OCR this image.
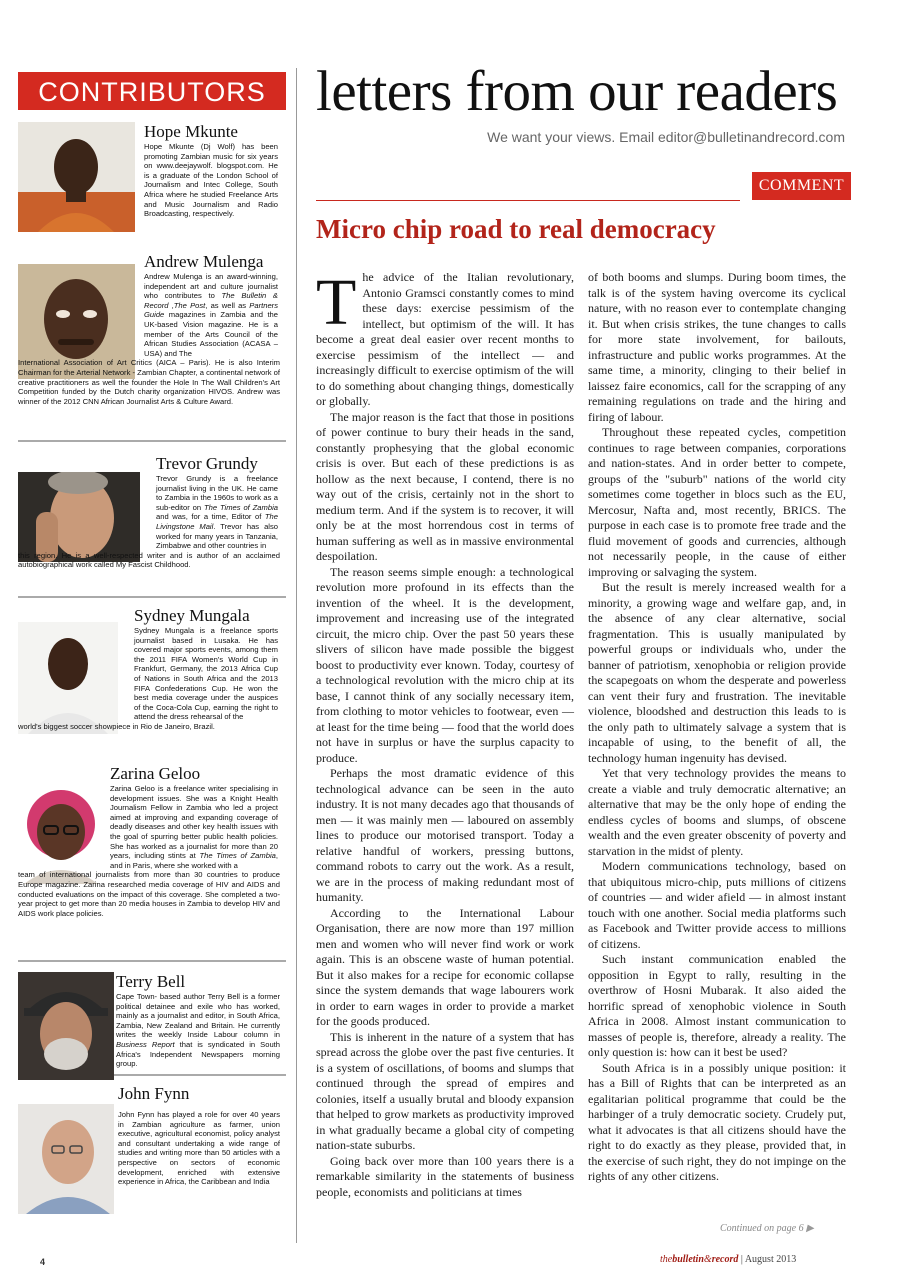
CONTRIBUTORS
Hope Mkunte
Hope Mkunte (Dj Wolf) has been promoting Zambian music for six years on www.deejaywolf. blogspot.com. He is a graduate of the London School of Journalism and Intec College, South Africa where he studied Freelance Arts and Music Journalism and Radio Broadcasting, respectively.
Andrew Mulenga
Andrew Mulenga is an award-winning, independent art and culture journalist who contributes to The Bulletin & Record ,The Post, as well as Partners Guide magazines in Zambia and the UK-based Vision magazine. He is a member of the Arts Council of the African Studies Association (ACASA – USA) and The
International Association of Art Critics (AICA – Paris). He is also Interim Chairman for the Arterial Network - Zambian Chapter, a continental network of creative practitioners as well the founder the Hole In The Wall Children's Art Competition funded by the Dutch charity organization HIVOS. Andrew was winner of the 2012 CNN African Journalist Arts & Culture Award.
Trevor Grundy
Trevor Grundy is a freelance journalist living in the UK. He came to Zambia in the 1960s to work as a sub-editor on The Times of Zambia and was, for a time, Editor of The Livingstone Mail. Trevor has also worked for many years in Tanzania, Zimbabwe and other countries in
this region. He is a well-respected writer and is author of an acclaimed autobiographical work called My Fascist Childhood.
Sydney Mungala
Sydney Mungala is a freelance sports journalist based in Lusaka. He has covered major sports events, among them the 2011 FIFA Women's World Cup in Frankfurt, Germany, the 2013 Africa Cup of Nations in South Africa and the 2013 FIFA Confederations Cup. He won the best media coverage under the auspices of the Coca-Cola Cup, earning the right to attend the dress rehearsal of the
world's biggest soccer showpiece in Rio de Janeiro, Brazil.
Zarina Geloo
Zarina Geloo is a freelance writer specialising in development issues. She was a Knight Health Journalism Fellow in Zambia who led a project aimed at improving and expanding coverage of deadly diseases and other key health issues with the goal of spurring better public health policies. She has worked as a journalist for more than 20 years, including stints at The Times of Zambia, and in Paris, where she worked with a
team of international journalists from more than 30 countries to produce Europe magazine. Zarina researched media coverage of HIV and AIDS and conducted evaluations on the impact of this coverage. She completed a two-year project to get more than 20 media houses in Zambia to develop HIV and AIDS work place policies.
Terry Bell
Cape Town- based author Terry Bell is a former political detainee and exile who has worked, mainly as a journalist and editor, in South Africa, Zambia, New Zealand and Britain. He currently writes the weekly Inside Labour column in Business Report that is syndicated in South Africa's Independent Newspapers morning group.
John Fynn
John Fynn has played a role for over 40 years in Zambian agriculture as farmer, union executive, agricultural economist, policy analyst and consultant undertaking a wide range of studies and writing more than 50 articles with a perspective on sectors of economic development, enriched with extensive experience in Africa, the Caribbean and India
letters from our readers
We want your views. Email editor@bulletinandrecord.com
COMMENT
Micro chip road to real democracy

The advice of the Italian revolutionary, Antonio Gramsci constantly comes to mind these days: exercise pessimism of the intellect, but optimism of the will. It has become a great deal easier over recent months to exercise pessimism of the intellect — and increasingly difficult to exercise optimism of the will to do something about changing things, domestically or globally.

The major reason is the fact that those in positions of power continue to bury their heads in the sand, constantly prophesying that the global economic crisis is over. But each of these predictions is as hollow as the next because, I contend, there is no way out of the crisis, certainly not in the short to medium term. And if the system is to recover, it will only be at the most horrendous cost in terms of human suffering as well as in massive environmental despoilation.

The reason seems simple enough: a technological revolution more profound in its effects than the invention of the wheel. It is the development, improvement and increasing use of the integrated circuit, the micro chip. Over the past 50 years these slivers of silicon have made possible the biggest boost to productivity ever known. Today, courtesy of a technological revolution with the micro chip at its base, I cannot think of any socially necessary item, from clothing to motor vehicles to footwear, even — at least for the time being — food that the world does not have in surplus or have the surplus capacity to produce.

Perhaps the most dramatic evidence of this technological advance can be seen in the auto industry. It is not many decades ago that thousands of men — it was mainly men — laboured on assembly lines to produce our motorised transport. Today a relative handful of workers, pressing buttons, command robots to carry out the work. As a result, we are in the process of making redundant most of humanity.

According to the International Labour Organisation, there are now more than 197 million men and women who will never find work or work again. This is an obscene waste of human potential. But it also makes for a recipe for economic collapse since the system demands that wage labourers work in order to earn wages in order to provide a market for the goods produced.

This is inherent in the nature of a system that has spread across the globe over the past five centuries. It is a system of oscillations, of booms and slumps that continued through the spread of empires and colonies, itself a usually brutal and bloody expansion that helped to grow markets as productivity improved in what gradually became a global city of competing nation-state suburbs.

Going back over more than 100 years there is a remarkable similarity in the statements of business people, economists and politicians at times

of both booms and slumps. During boom times, the talk is of the system having overcome its cyclical nature, with no reason ever to contemplate changing it. But when crisis strikes, the tune changes to calls for more state involvement, for bailouts, infrastructure and public works programmes. At the same time, a minority, clinging to their belief in laissez faire economics, call for the scrapping of any remaining regulations on trade and the hiring and firing of labour.

Throughout these repeated cycles, competition continues to rage between companies, corporations and nation-states. And in order better to compete, groups of the "suburb" nations of the world city sometimes come together in blocs such as the EU, Mercosur, Nafta and, most recently, BRICS. The purpose in each case is to promote free trade and the fluid movement of goods and currencies, although not necessarily people, in the cause of either improving or salvaging the system.

But the result is merely increased wealth for a minority, a growing wage and welfare gap, and, in the absence of any clear alternative, social fragmentation. This is usually manipulated by powerful groups or individuals who, under the banner of patriotism, xenophobia or religion provide the scapegoats on whom the desperate and powerless can vent their fury and frustration. The inevitable violence, bloodshed and destruction this leads to is the only path to ultimately salvage a system that is incapable of using, to the benefit of all, the technology human ingenuity has devised.

Yet that very technology provides the means to create a viable and truly democratic alternative; an alternative that may be the only hope of ending the endless cycles of booms and slumps, of obscene wealth and the even greater obscenity of poverty and starvation in the midst of plenty.

Modern communications technology, based on that ubiquitous micro-chip, puts millions of citizens of countries — and wider afield — in almost instant touch with one another. Social media platforms such as Facebook and Twitter provide access to millions of citizens.

Such instant communication enabled the opposition in Egypt to rally, resulting in the overthrow of Hosni Mubarak. It also aided the horrific spread of xenophobic violence in South Africa in 2008. Almost instant communication to masses of people is, therefore, already a reality. The only question is: how can it best be used?

South Africa is in a possibly unique position: it has a Bill of Rights that can be interpreted as an egalitarian political programme that could be the harbinger of a truly democratic society. Crudely put, what it advocates is that all citizens should have the right to do exactly as they please, provided that, in the exercise of such right, they do not impinge on the rights of any other citizens.

Continued on page 6 ▶
4	thebulletin&record | August 2013
